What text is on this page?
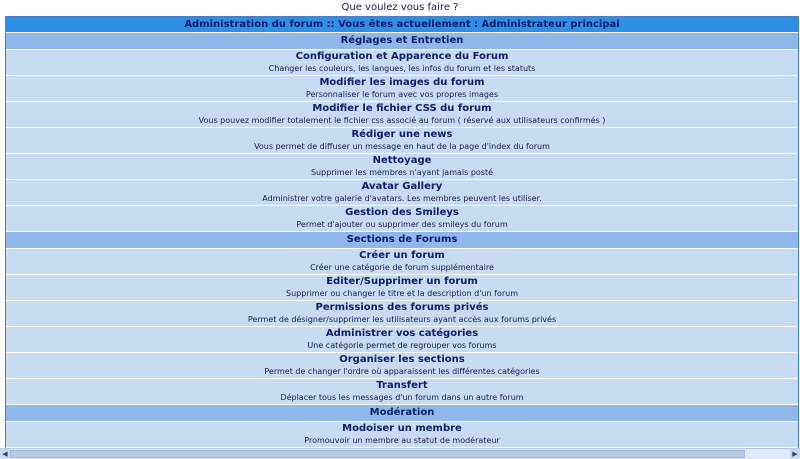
Que voulez vous faire ?
Administration du forum :: Vous êtes actuellement : Administrateur principal
Réglages et Entretien
Configuration et Apparence du Forum
Changer les couleurs, les langues, les infos du forum et les statuts
Modifier les images du forum
Personnaliser le forum avec vos propres images
Modifier le fichier CSS du forum
Vous pouvez modifier totalement le fichier css associé au forum ( réservé aux utilisateurs confirmés )
Rédiger une news
Vous permet de diffuser un message en haut de la page d'index du forum
Nettoyage
Supprimer les membres n'ayant jamais posté
Avatar Gallery
Administrer votre galerie d'avatars. Les membres peuvent les utiliser.
Gestion des Smileys
Permet d'ajouter ou supprimer des smileys du forum
Sections de Forums
Créer un forum
Créer une catégorie de forum supplémentaire
Editer/Supprimer un forum
Supprimer ou changer le titre et la description d'un forum
Permissions des forums privés
Permet de désigner/supprimer les utilisateurs ayant accès aux forums privés
Administrer vos catégories
Une catégorie permet de regrouper vos forums
Organiser les sections
Permet de changer l'ordre où apparaissent les différentes catégories
Transfert
Déplacer tous les messages d'un forum dans un autre forum
Modération
Modoiser un membre
Promouvoir un membre au statut de modérateur
◀	▶
